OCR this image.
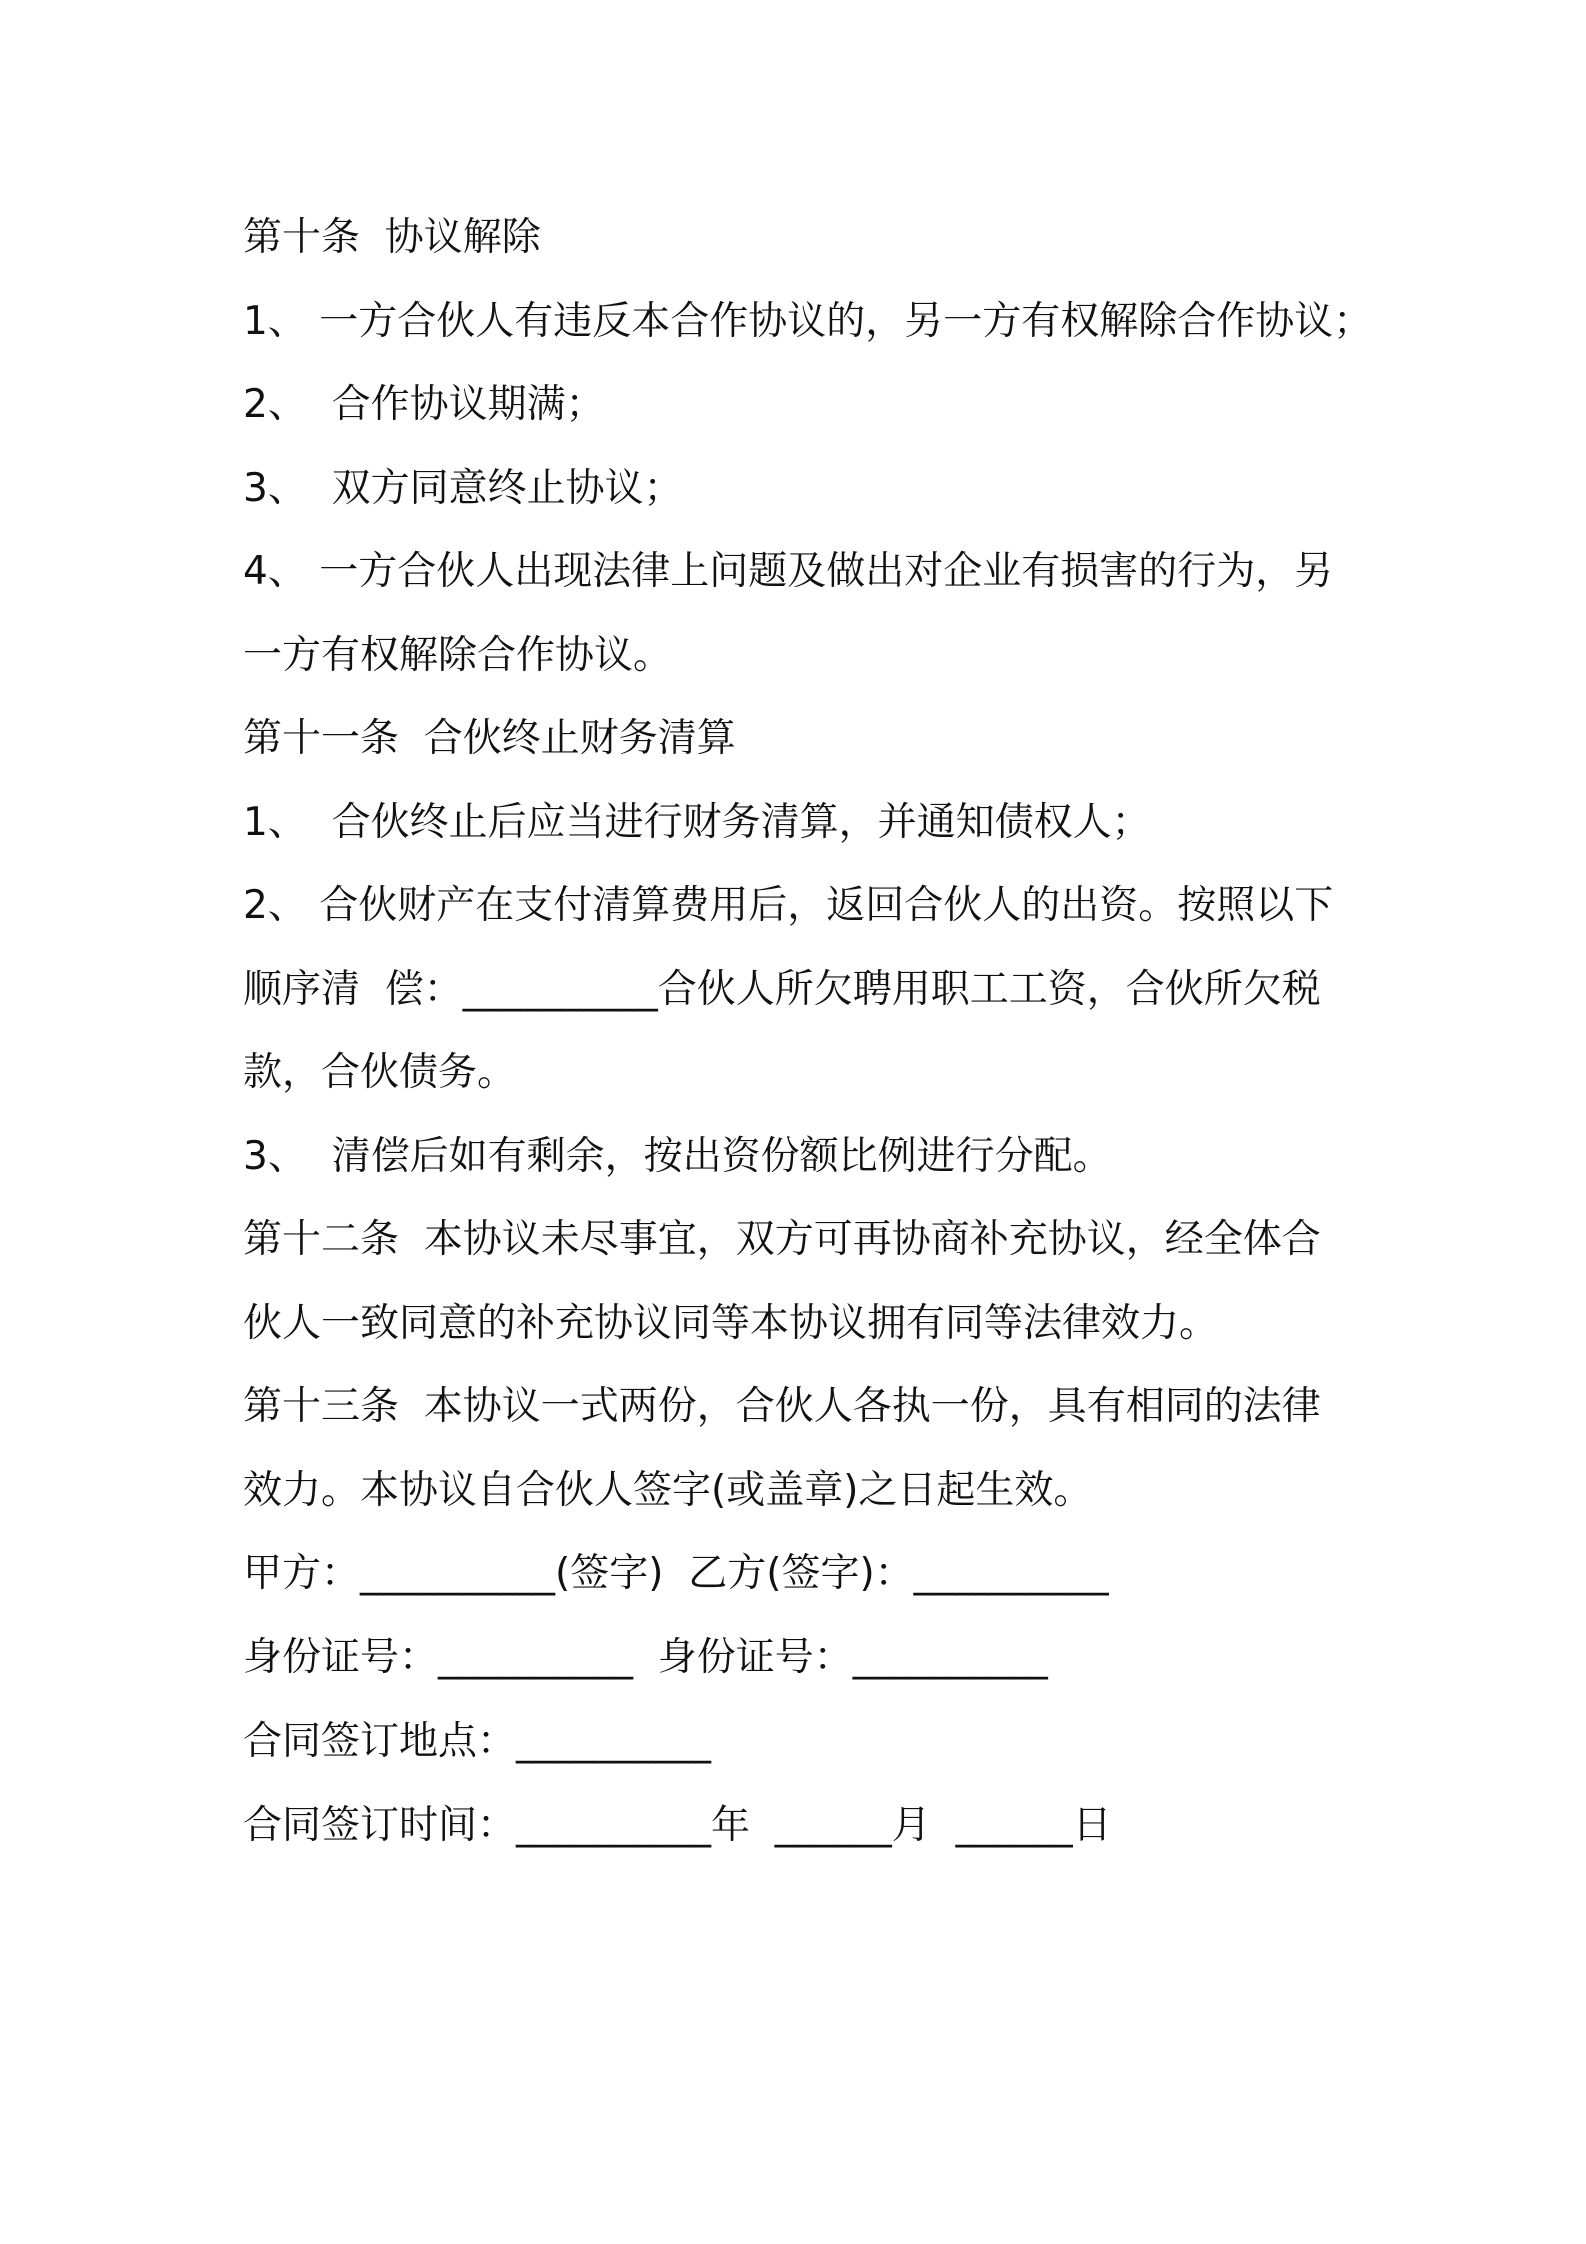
第十条  协议解除
1、 一方合伙人有违反本合作协议的，另一方有权解除合作协议；
2、  合作协议期满；
3、  双方同意终止协议；
4、 一方合伙人出现法律上问题及做出对企业有损害的行为，另
一方有权解除合作协议。
第十一条  合伙终止财务清算
1、  合伙终止后应当进行财务清算，并通知债权人；
2、 合伙财产在支付清算费用后，返回合伙人的出资。按照以下
顺序清  偿：__________合伙人所欠聘用职工工资，合伙所欠税
款，合伙债务。
3、  清偿后如有剩余，按出资份额比例进行分配。
第十二条  本协议未尽事宜，双方可再协商补充协议，经全体合
伙人一致同意的补充协议同等本协议拥有同等法律效力。
第十三条  本协议一式两份，合伙人各执一份，具有相同的法律
效力。本协议自合伙人签字(或盖章)之日起生效。
甲方：__________(签字)  乙方(签字)：__________
身份证号：__________  身份证号：__________
合同签订地点：__________
合同签订时间：__________年  ______月  ______日
